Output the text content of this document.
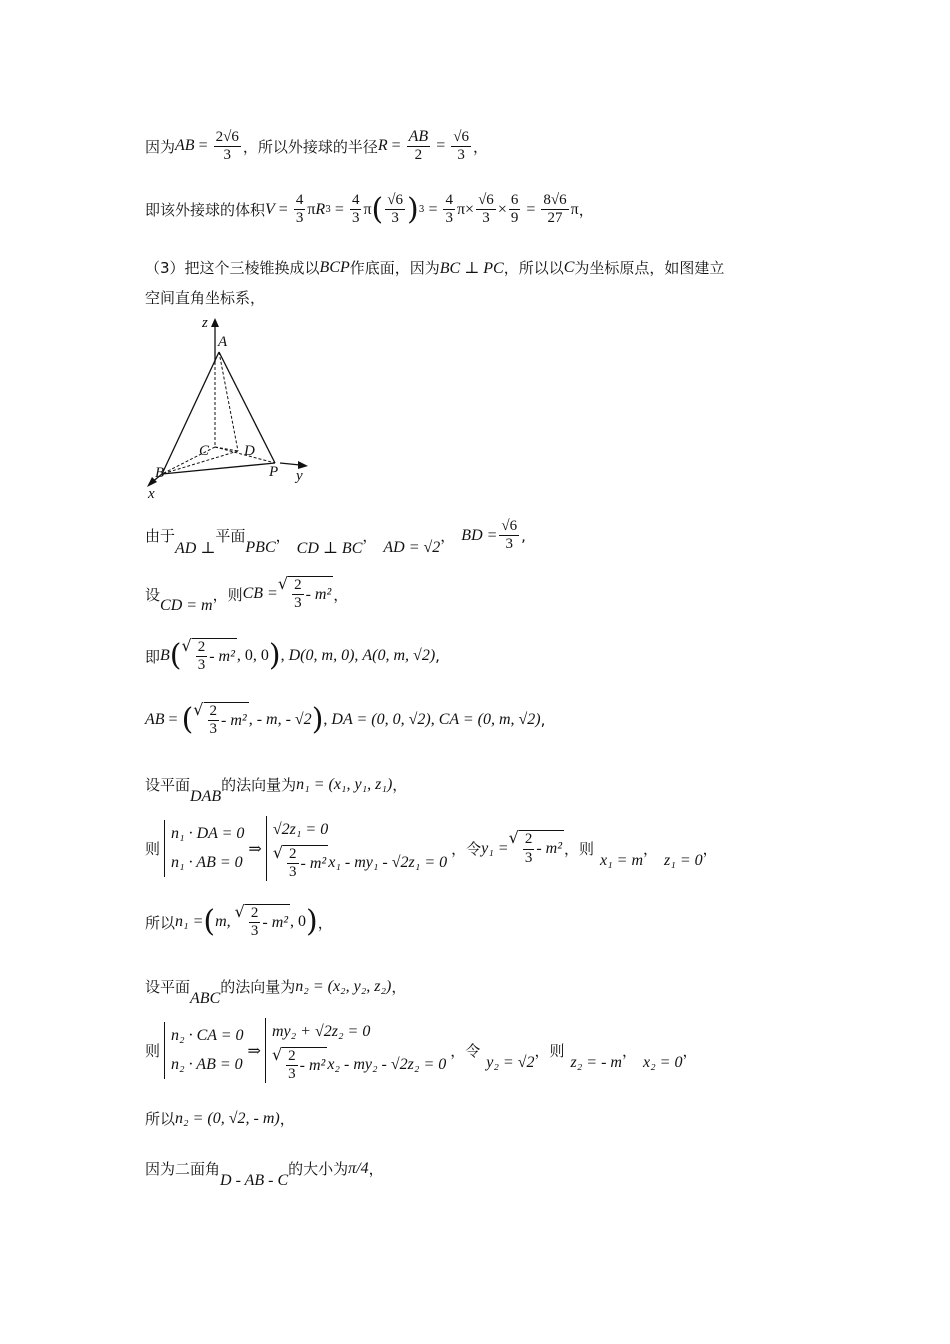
因为 AB = $\frac{2√6}{3}$ ，所以外接球的半径 $R = \frac{AB}{2} = \frac{√6}{3}$ ，
即该外接球的体积 $V = \frac{4}{3}$ π R $3 = \frac{4}{3}$ π ( $\frac{√6}{3}$ ) $3 = \frac{4}{3}$ $\pi \times \frac{√6}{3} \times \frac{6}{9} = \frac{8√6}{27}$ π ，
（3）把这个三棱锥换成以 BCP 作底面，因为 BC ⊥ PC ，所以以 C 为坐标原点，如图建立
空间直角坐标系，
z
A
C D
B	P y
x
由于
AD ⊥
平面
PBC
，
CD ⊥ BC
，
AD = √2
， BD = $\frac{√6}{3}$ ,
设
CD = m
，则 CB =
√ $\frac{2}{3} - m^2$ ，
即 B ( √ $\frac{2}{3} - m^2$ , 0, 0 ) , D(0, m, 0) , A(0, m, √2) ,
AB = ( √ $\frac{2}{3} - m^2$ , - m, - √2 ) , DA = (0, 0, √2) , CA = (0, m, √2) ,
设平面
DAB
的法向量为 n₁ = (x₁, y₁, z₁) ，
则
n₁ · DA = 0
n₁ · AB = 0
⇒
√2z₁ = 0
√ $\frac{2}{3} - m^2$ x₁ - my₁ - √2z₁ = 0
，令 y₁ =
√ $\frac{2}{3} - m^2$ ，则
x₁ = m
，
z₁ = 0
，
所以 n₁ = ( m,
√ $\frac{2}{3} - m^2$ , 0 ) ，
设平面
ABC
的法向量为 n₂ = (x₂, y₂, z₂) ，
则
n₂ · CA = 0
n₂ · AB = 0
⇒
my₂ + √2z₂ = 0
√ $\frac{2}{3} - m^2$ x₂ - my₂ - √2z₂ = 0
，令
y₂ = √2
，则
z₂ = - m
，
x₂ = 0
，
所以 n₂ = (0, √2, - m) ，
因为二面角
D - AB - C
的大小为 π/4 ，
